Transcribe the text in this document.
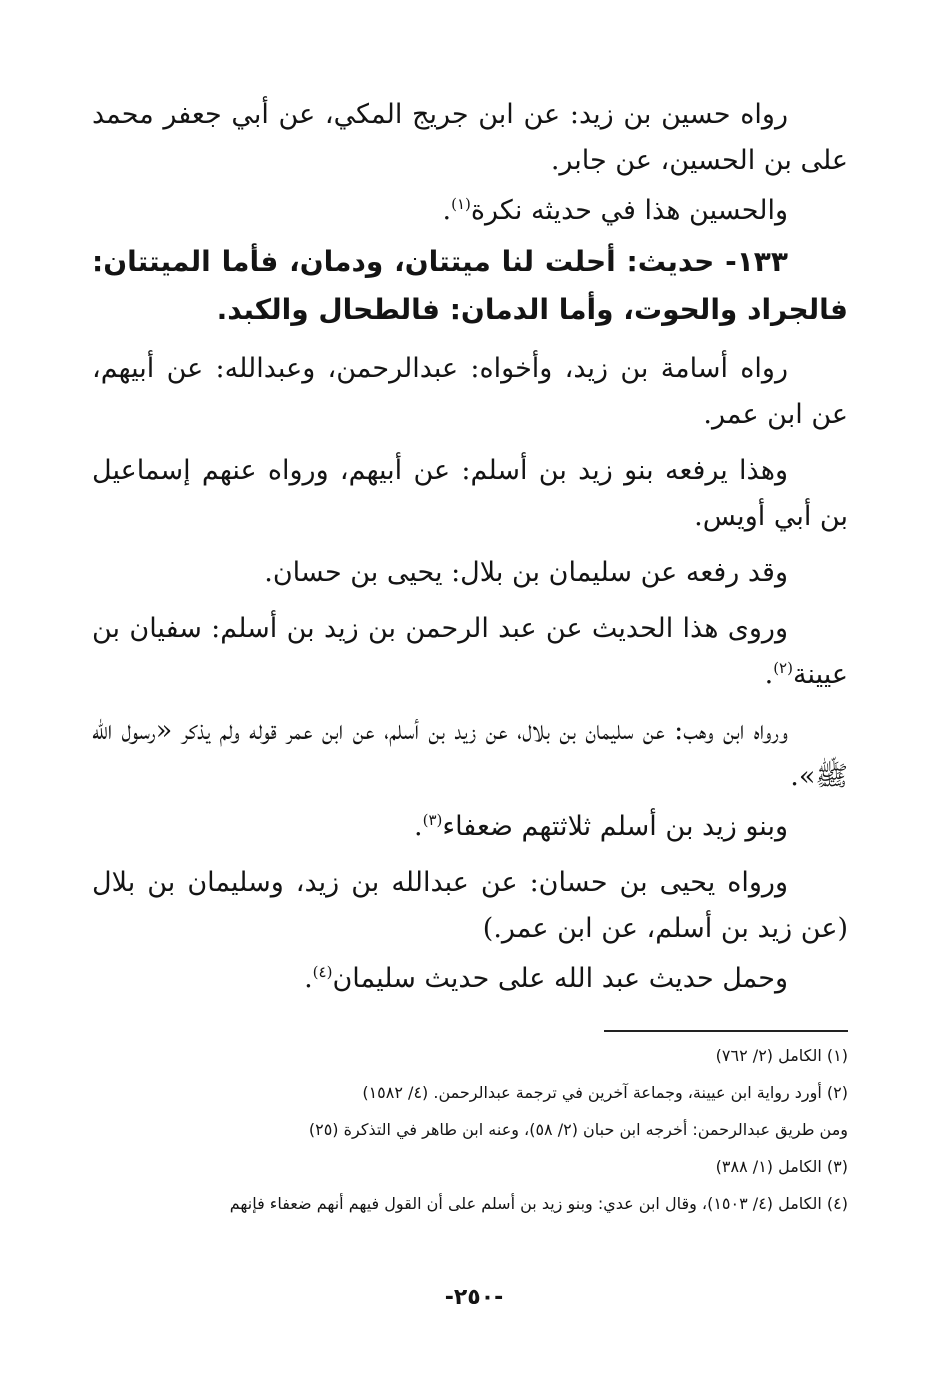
رواه حسين بن زيد: عن ابن جريج المكي، عن أبي جعفر محمد على بن الحسين، عن جابر.

والحسين هذا في حديثه نكرة$^{(١)}$.

١٣٣- حديث: أحلت لنا ميتتان، ودمان، فأما الميتتان: فالجراد والحوت، وأما الدمان: فالطحال والكبد.

رواه أسامة بن زيد، وأخواه: عبدالرحمن، وعبدالله: عن أبيهم، عن ابن عمر.

وهذا يرفعه بنو زيد بن أسلم: عن أبيهم، ورواه عنهم إسماعيل بن أبي أويس.

وقد رفعه عن سليمان بن بلال: يحيى بن حسان.

وروى هذا الحديث عن عبد الرحمن بن زيد بن أسلم: سفيان بن عيينة$^{(٢)}$.

ورواه ابن وهب: عن سليمان بن بلال، عن زيد بن أسلم، عن ابن عمر قوله ولم يذكر «رسول الله ﷺ».

وبنو زيد بن أسلم ثلاثتهم ضعفاء$^{(٣)}$.

ورواه يحيى بن حسان: عن عبدالله بن زيد، وسليمان بن بلال (عن زيد بن أسلم، عن ابن عمر.)

وحمل حديث عبد الله على حديث سليمان$^{(٤)}$.

(١) الكامل (٢/ ٧٦٢)

(٢) أورد رواية ابن عيينة، وجماعة آخرين في ترجمة عبدالرحمن. (٤/ ١٥٨٢)

ومن طريق عبدالرحمن: أخرجه ابن حبان (٢/ ٥٨)، وعنه ابن طاهر في التذكرة (٢٥)

(٣) الكامل (١/ ٣٨٨)

(٤) الكامل (٤/ ١٥٠٣)، وقال ابن عدي: وبنو زيد بن أسلم على أن القول فيهم أنهم ضعفاء فإنهم

-٢٥٠-
